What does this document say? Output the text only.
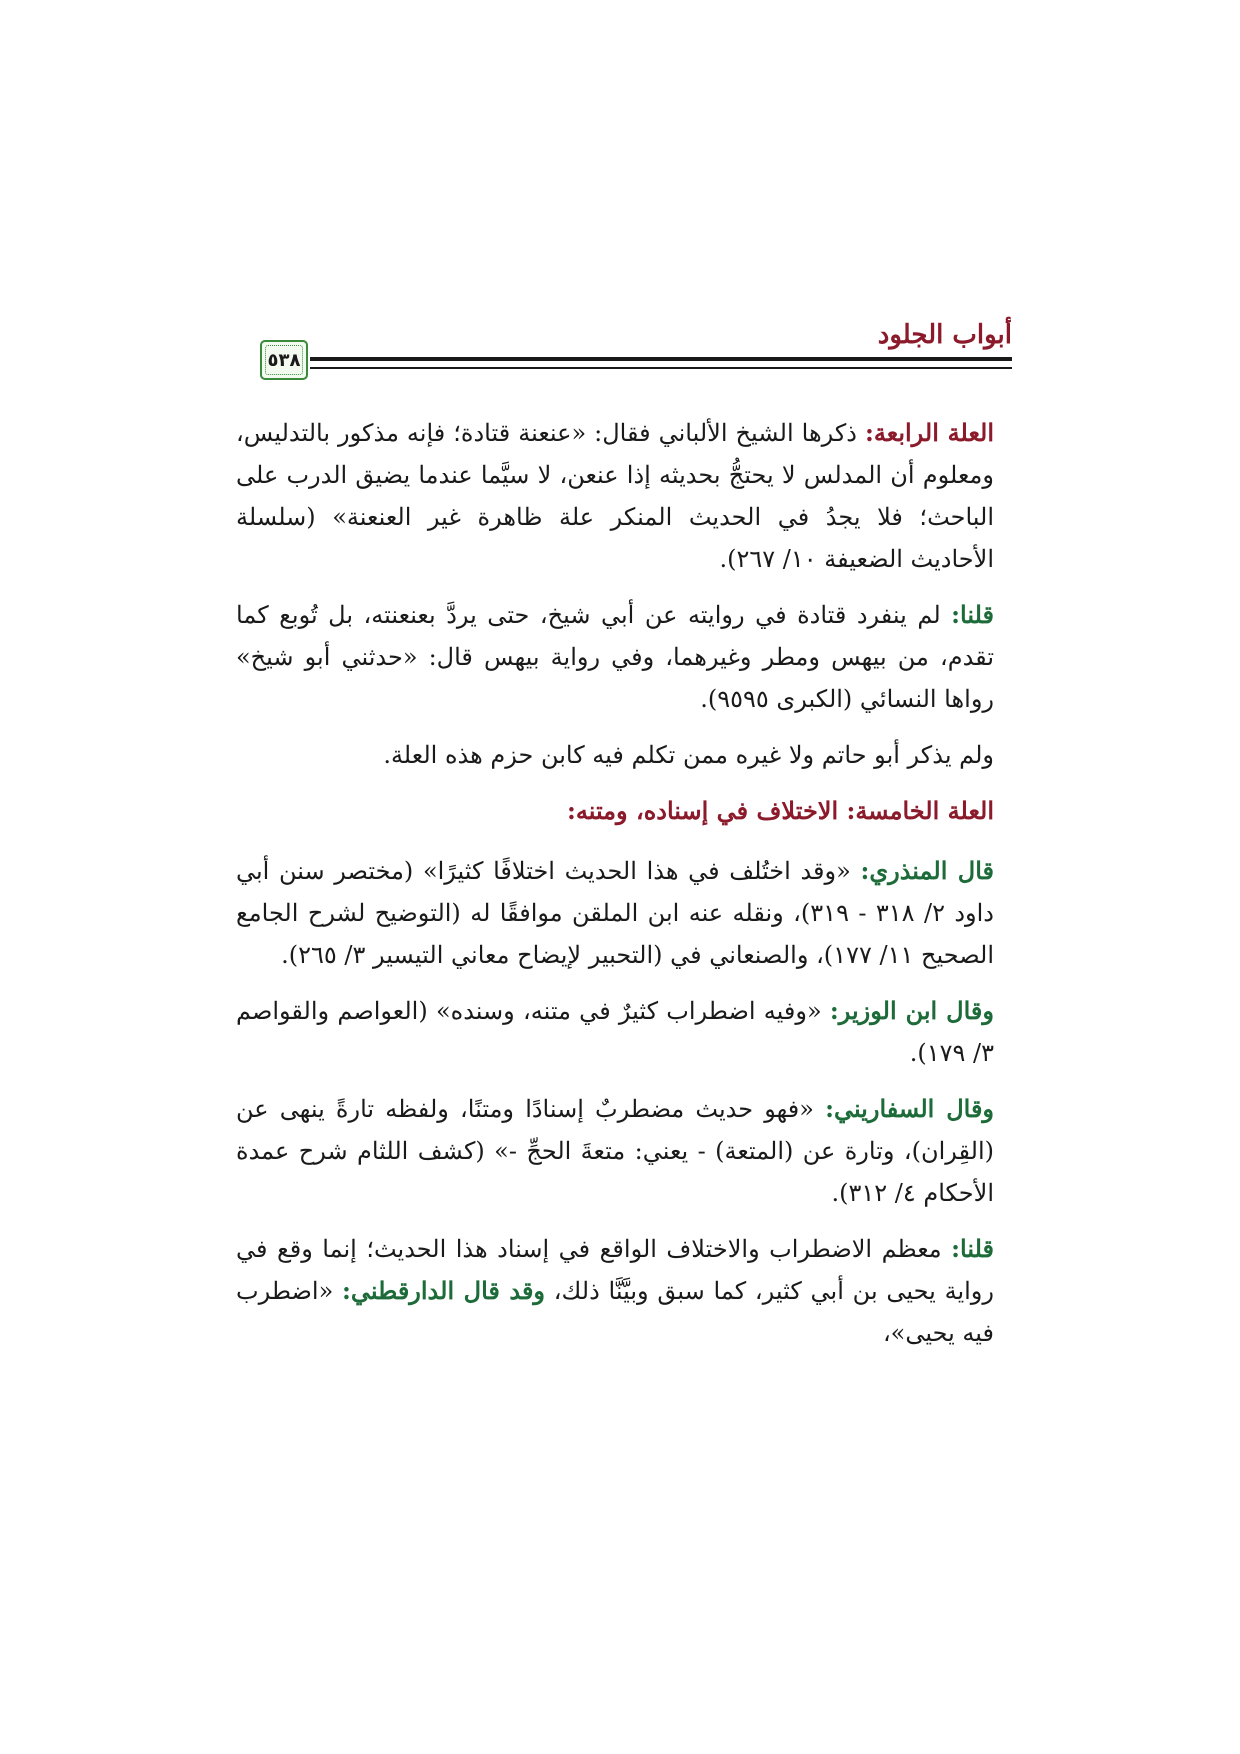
أبواب الجلود
٥٣٨

العلة الرابعة: ذكرها الشيخ الألباني فقال: «عنعنة قتادة؛ فإنه مذكور بالتدليس، ومعلوم أن المدلس لا يحتجُّ بحديثه إذا عنعن، لا سيَّما عندما يضيق الدرب على الباحث؛ فلا يجدُ في الحديث المنكر علة ظاهرة غير العنعنة» (سلسلة الأحاديث الضعيفة ١٠/ ٢٦٧).

قلنا: لم ينفرد قتادة في روايته عن أبي شيخ، حتى يردَّ بعنعنته، بل تُوبع كما تقدم، من بيهس ومطر وغيرهما، وفي رواية بيهس قال: «حدثني أبو شيخ» رواها النسائي (الكبرى ٩٥٩٥).

ولم يذكر أبو حاتم ولا غيره ممن تكلم فيه كابن حزم هذه العلة.

العلة الخامسة: الاختلاف في إسناده، ومتنه:

قال المنذري: «وقد اختُلف في هذا الحديث اختلافًا كثيرًا» (مختصر سنن أبي داود ٢/ ٣١٨ - ٣١٩)، ونقله عنه ابن الملقن موافقًا له (التوضيح لشرح الجامع الصحيح ١١/ ١٧٧)، والصنعاني في (التحبير لإيضاح معاني التيسير ٣/ ٢٦٥).

وقال ابن الوزير: «وفيه اضطراب كثيرٌ في متنه، وسنده» (العواصم والقواصم ٣/ ١٧٩).

وقال السفاريني: «فهو حديث مضطربٌ إسنادًا ومتنًا، ولفظه تارةً ينهى عن (القِران)، وتارة عن (المتعة) - يعني: متعةَ الحجِّ -» (كشف اللثام شرح عمدة الأحكام ٤/ ٣١٢).

قلنا: معظم الاضطراب والاختلاف الواقع في إسناد هذا الحديث؛ إنما وقع في رواية يحيى بن أبي كثير، كما سبق وبيَّنَّا ذلك، وقد قال الدارقطني: «اضطرب فيه يحيى»،
